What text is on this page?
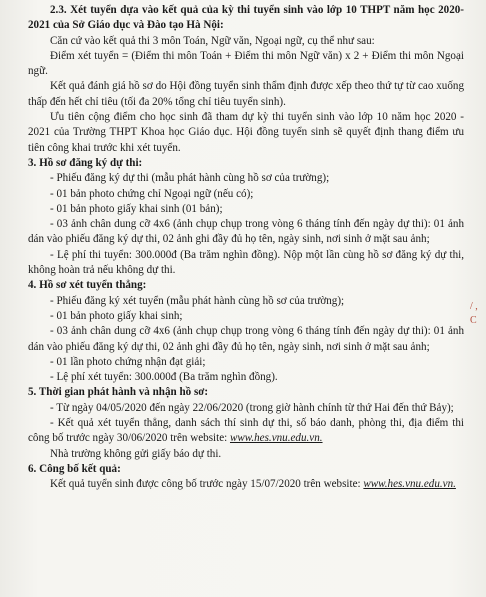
2.3. Xét tuyển dựa vào kết quả của kỳ thi tuyển sinh vào lớp 10 THPT năm học 2020-2021 của Sở Giáo dục và Đào tạo Hà Nội:

Căn cứ vào kết quả thi 3 môn Toán, Ngữ văn, Ngoại ngữ, cụ thể như sau:

Điểm xét tuyển = (Điểm thi môn Toán + Điểm thi môn Ngữ văn) x 2 + Điểm thi môn Ngoại ngữ.

Kết quả đánh giá hồ sơ do Hội đồng tuyển sinh thẩm định được xếp theo thứ tự từ cao xuống thấp đến hết chỉ tiêu (tối đa 20% tổng chỉ tiêu tuyển sinh).

Ưu tiên cộng điểm cho học sinh đã tham dự kỳ thi tuyển sinh vào lớp 10 năm học 2020 - 2021 của Trường THPT Khoa học Giáo dục. Hội đồng tuyển sinh sẽ quyết định thang điểm ưu tiên công khai trước khi xét tuyển.

3. Hồ sơ đăng ký dự thi:

- Phiếu đăng ký dự thi (mẫu phát hành cùng hồ sơ của trường);

- 01 bản photo chứng chỉ Ngoại ngữ (nếu có);

- 01 bản photo giấy khai sinh (01 bản);

- 03 ảnh chân dung cỡ 4x6 (ảnh chụp chụp trong vòng 6 tháng tính đến ngày dự thi): 01 ảnh dán vào phiếu đăng ký dự thi, 02 ảnh ghi đầy đủ họ tên, ngày sinh, nơi sinh ở mặt sau ảnh;

- Lệ phí thi tuyển: 300.000đ (Ba trăm nghìn đồng). Nộp một lần cùng hồ sơ đăng ký dự thi, không hoàn trả nếu không dự thi.

4. Hồ sơ xét tuyển thẳng:

- Phiếu đăng ký xét tuyển (mẫu phát hành cùng hồ sơ của trường);

- 01 bản photo giấy khai sinh;

- 03 ảnh chân dung cỡ 4x6 (ảnh chụp chụp trong vòng 6 tháng tính đến ngày dự thi): 01 ảnh dán vào phiếu đăng ký dự thi, 02 ảnh ghi đầy đủ họ tên, ngày sinh, nơi sinh ở mặt sau ảnh;

- 01 lần photo chứng nhận đạt giải;

- Lệ phí xét tuyển: 300.000đ (Ba trăm nghìn đồng).

5. Thời gian phát hành và nhận hồ sơ:

- Từ ngày 04/05/2020 đến ngày 22/06/2020 (trong giờ hành chính từ thứ Hai đến thứ Bảy);

- Kết quả xét tuyển thẳng, danh sách thí sinh dự thi, số báo danh, phòng thi, địa điểm thi công bố trước ngày 30/06/2020 trên website: www.hes.vnu.edu.vn.

Nhà trường không gửi giấy báo dự thi.

6. Công bố kết quả:

Kết quả tuyển sinh được công bố trước ngày 15/07/2020 trên website: www.hes.vnu.edu.vn.

/ ,
C
